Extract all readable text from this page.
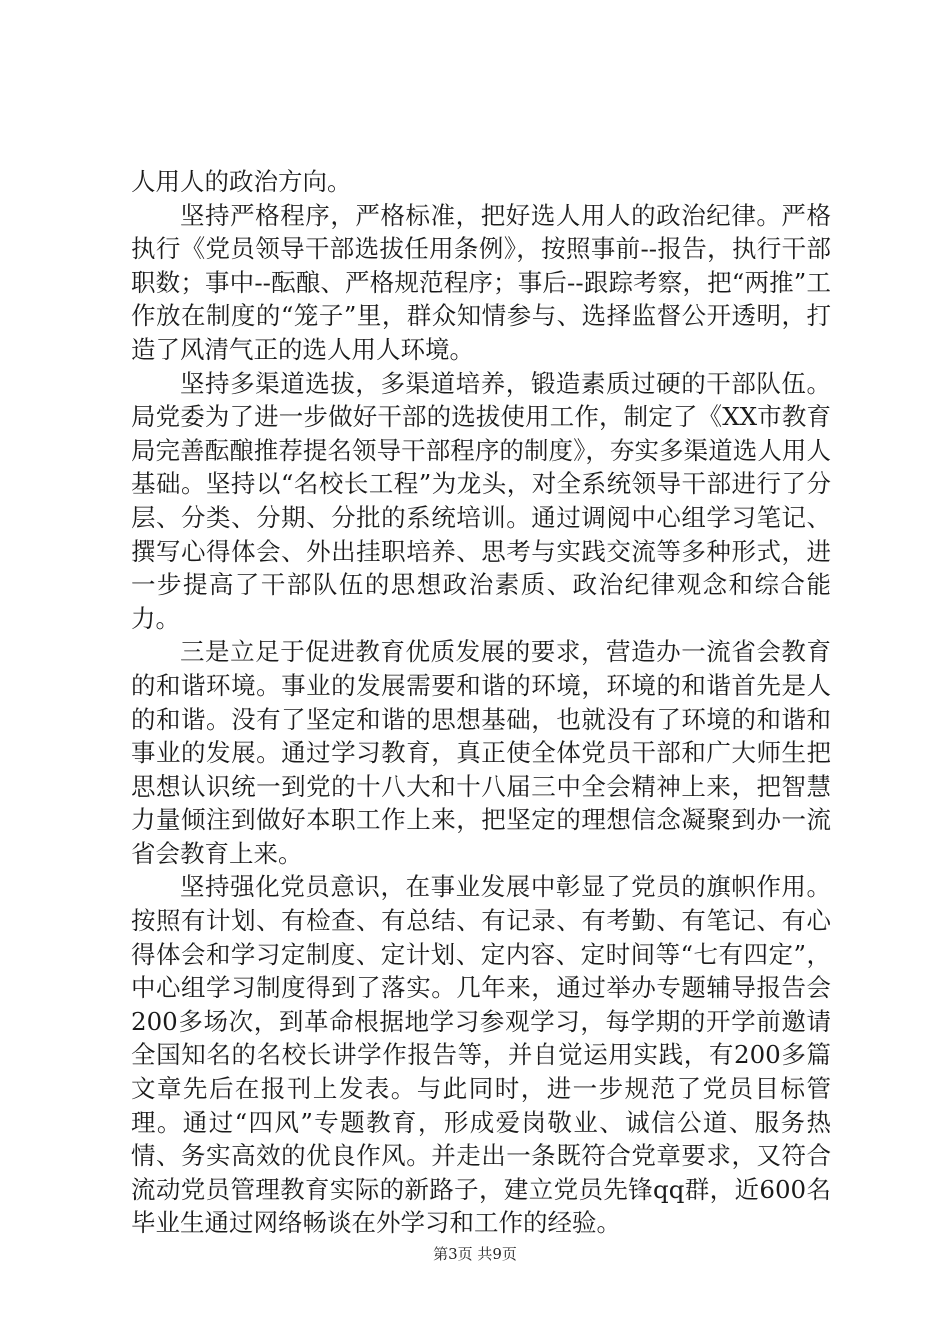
人用人的政治方向。

坚持严格程序，严格标准，把好选人用人的政治纪律。严格执行《党员领导干部选拔任用条例》，按照事前--报告，执行干部职数；事中--酝酿、严格规范程序；事后--跟踪考察，把“两推”工作放在制度的“笼子”里，群众知情参与、选择监督公开透明，打造了风清气正的选人用人环境。

坚持多渠道选拔，多渠道培养，锻造素质过硬的干部队伍。局党委为了进一步做好干部的选拔使用工作，制定了《XX市教育局完善酝酿推荐提名领导干部程序的制度》，夯实多渠道选人用人基础。坚持以“名校长工程”为龙头，对全系统领导干部进行了分层、分类、分期、分批的系统培训。通过调阅中心组学习笔记、撰写心得体会、外出挂职培养、思考与实践交流等多种形式，进一步提高了干部队伍的思想政治素质、政治纪律观念和综合能力。

三是立足于促进教育优质发展的要求，营造办一流省会教育的和谐环境。事业的发展需要和谐的环境，环境的和谐首先是人的和谐。没有了坚定和谐的思想基础，也就没有了环境的和谐和事业的发展。通过学习教育，真正使全体党员干部和广大师生把思想认识统一到党的十八大和十八届三中全会精神上来，把智慧力量倾注到做好本职工作上来，把坚定的理想信念凝聚到办一流省会教育上来。

坚持强化党员意识，在事业发展中彰显了党员的旗帜作用。按照有计划、有检查、有总结、有记录、有考勤、有笔记、有心得体会和学习定制度、定计划、定内容、定时间等“七有四定”，中心组学习制度得到了落实。几年来，通过举办专题辅导报告会200多场次，到革命根据地学习参观学习，每学期的开学前邀请全国知名的名校长讲学作报告等，并自觉运用实践，有200多篇文章先后在报刊上发表。与此同时，进一步规范了党员目标管理。通过“四风”专题教育，形成爱岗敬业、诚信公道、服务热情、务实高效的优良作风。并走出一条既符合党章要求，又符合流动党员管理教育实际的新路子，建立党员先锋qq群，近600名毕业生通过网络畅谈在外学习和工作的经验。

第3页 共9页
